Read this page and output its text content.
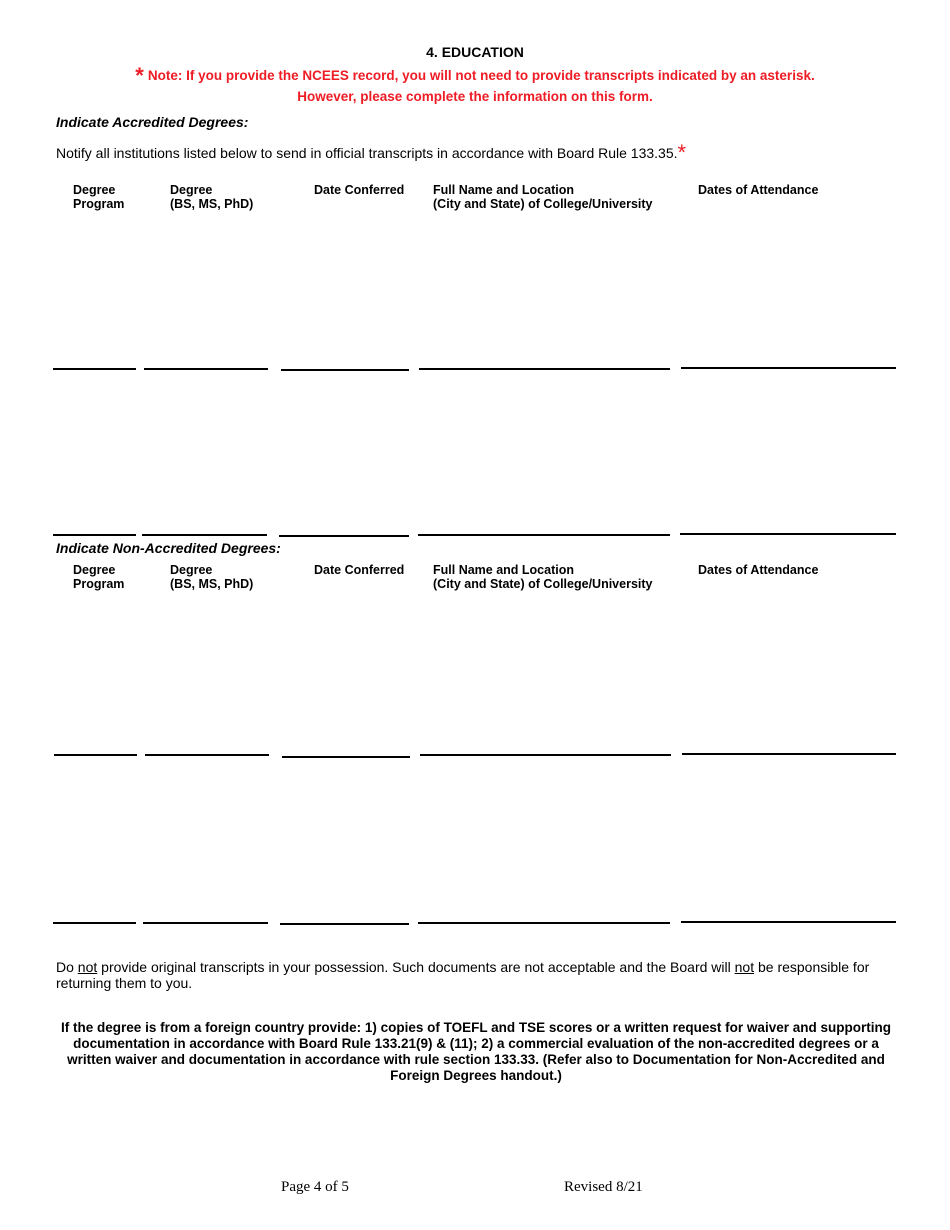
4. EDUCATION
* Note: If you provide the NCEES record, you will not need to provide transcripts indicated by an asterisk.
However, please complete the information on this form.
Indicate Accredited Degrees:
Notify all institutions listed below to send in official transcripts in accordance with Board Rule 133.35.*
Degree
Program
Degree
(BS, MS, PhD)
Date Conferred Full Name and Location
(City and State) of College/University
Dates of Attendance
Indicate Non-Accredited Degrees:
Degree
Program
Degree
(BS, MS, PhD)
Date Conferred Full Name and Location
(City and State) of College/University
Dates of Attendance
Do not provide original transcripts in your possession. Such documents are not acceptable and the Board will not be responsible for returning them to you.
If the degree is from a foreign country provide: 1) copies of TOEFL and TSE scores or a written request for waiver and supporting documentation in accordance with Board Rule 133.21(9) & (11); 2) a commercial evaluation of the non-accredited degrees or a written waiver and documentation in accordance with rule section 133.33. (Refer also to Documentation for Non-Accredited and Foreign Degrees handout.)
Page 4 of 5	Revised 8/21
